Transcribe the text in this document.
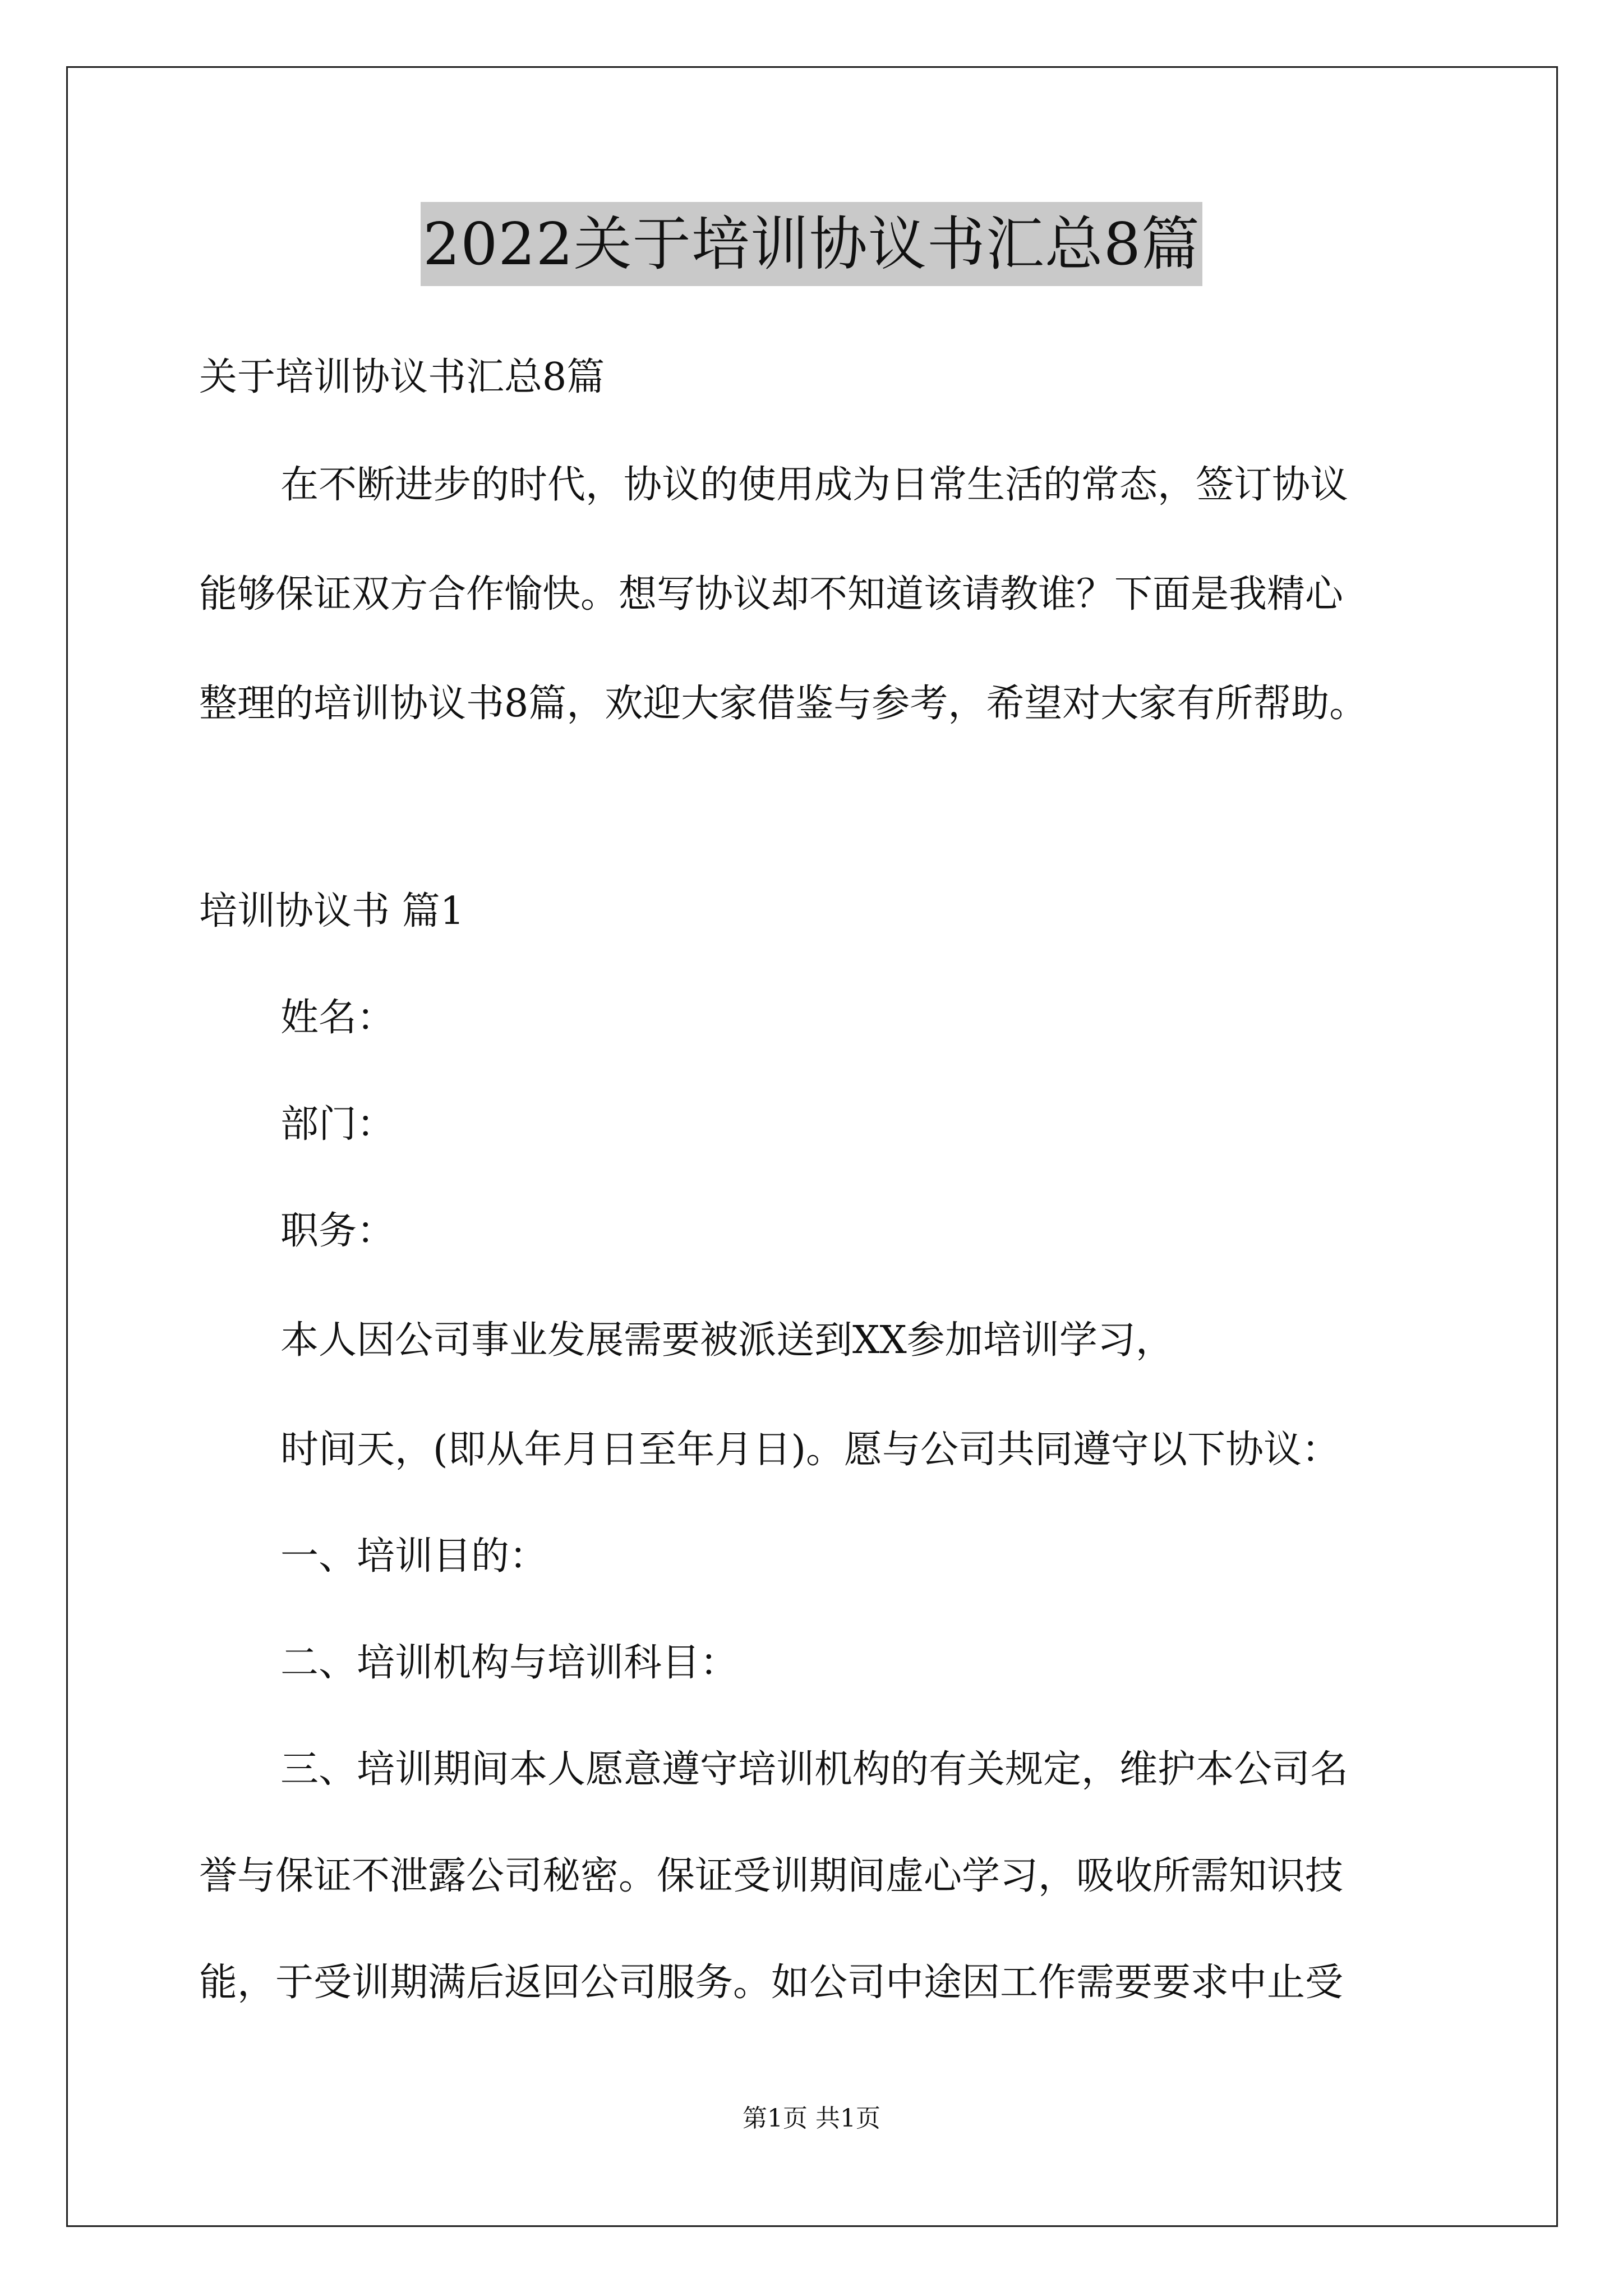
2022关于培训协议书汇总8篇
关于培训协议书汇总8篇
在不断进步的时代，协议的使用成为日常生活的常态，签订协议
能够保证双方合作愉快。想写协议却不知道该请教谁？下面是我精心
整理的培训协议书8篇，欢迎大家借鉴与参考，希望对大家有所帮助。
培训协议书 篇1
姓名：
部门：
职务：
本人因公司事业发展需要被派送到XX参加培训学习，
时间天，(即从年月日至年月日)。愿与公司共同遵守以下协议：
一、培训目的：
二、培训机构与培训科目：
三、培训期间本人愿意遵守培训机构的有关规定，维护本公司名
誉与保证不泄露公司秘密。保证受训期间虚心学习，吸收所需知识技
能，于受训期满后返回公司服务。如公司中途因工作需要要求中止受
第1页 共1页
